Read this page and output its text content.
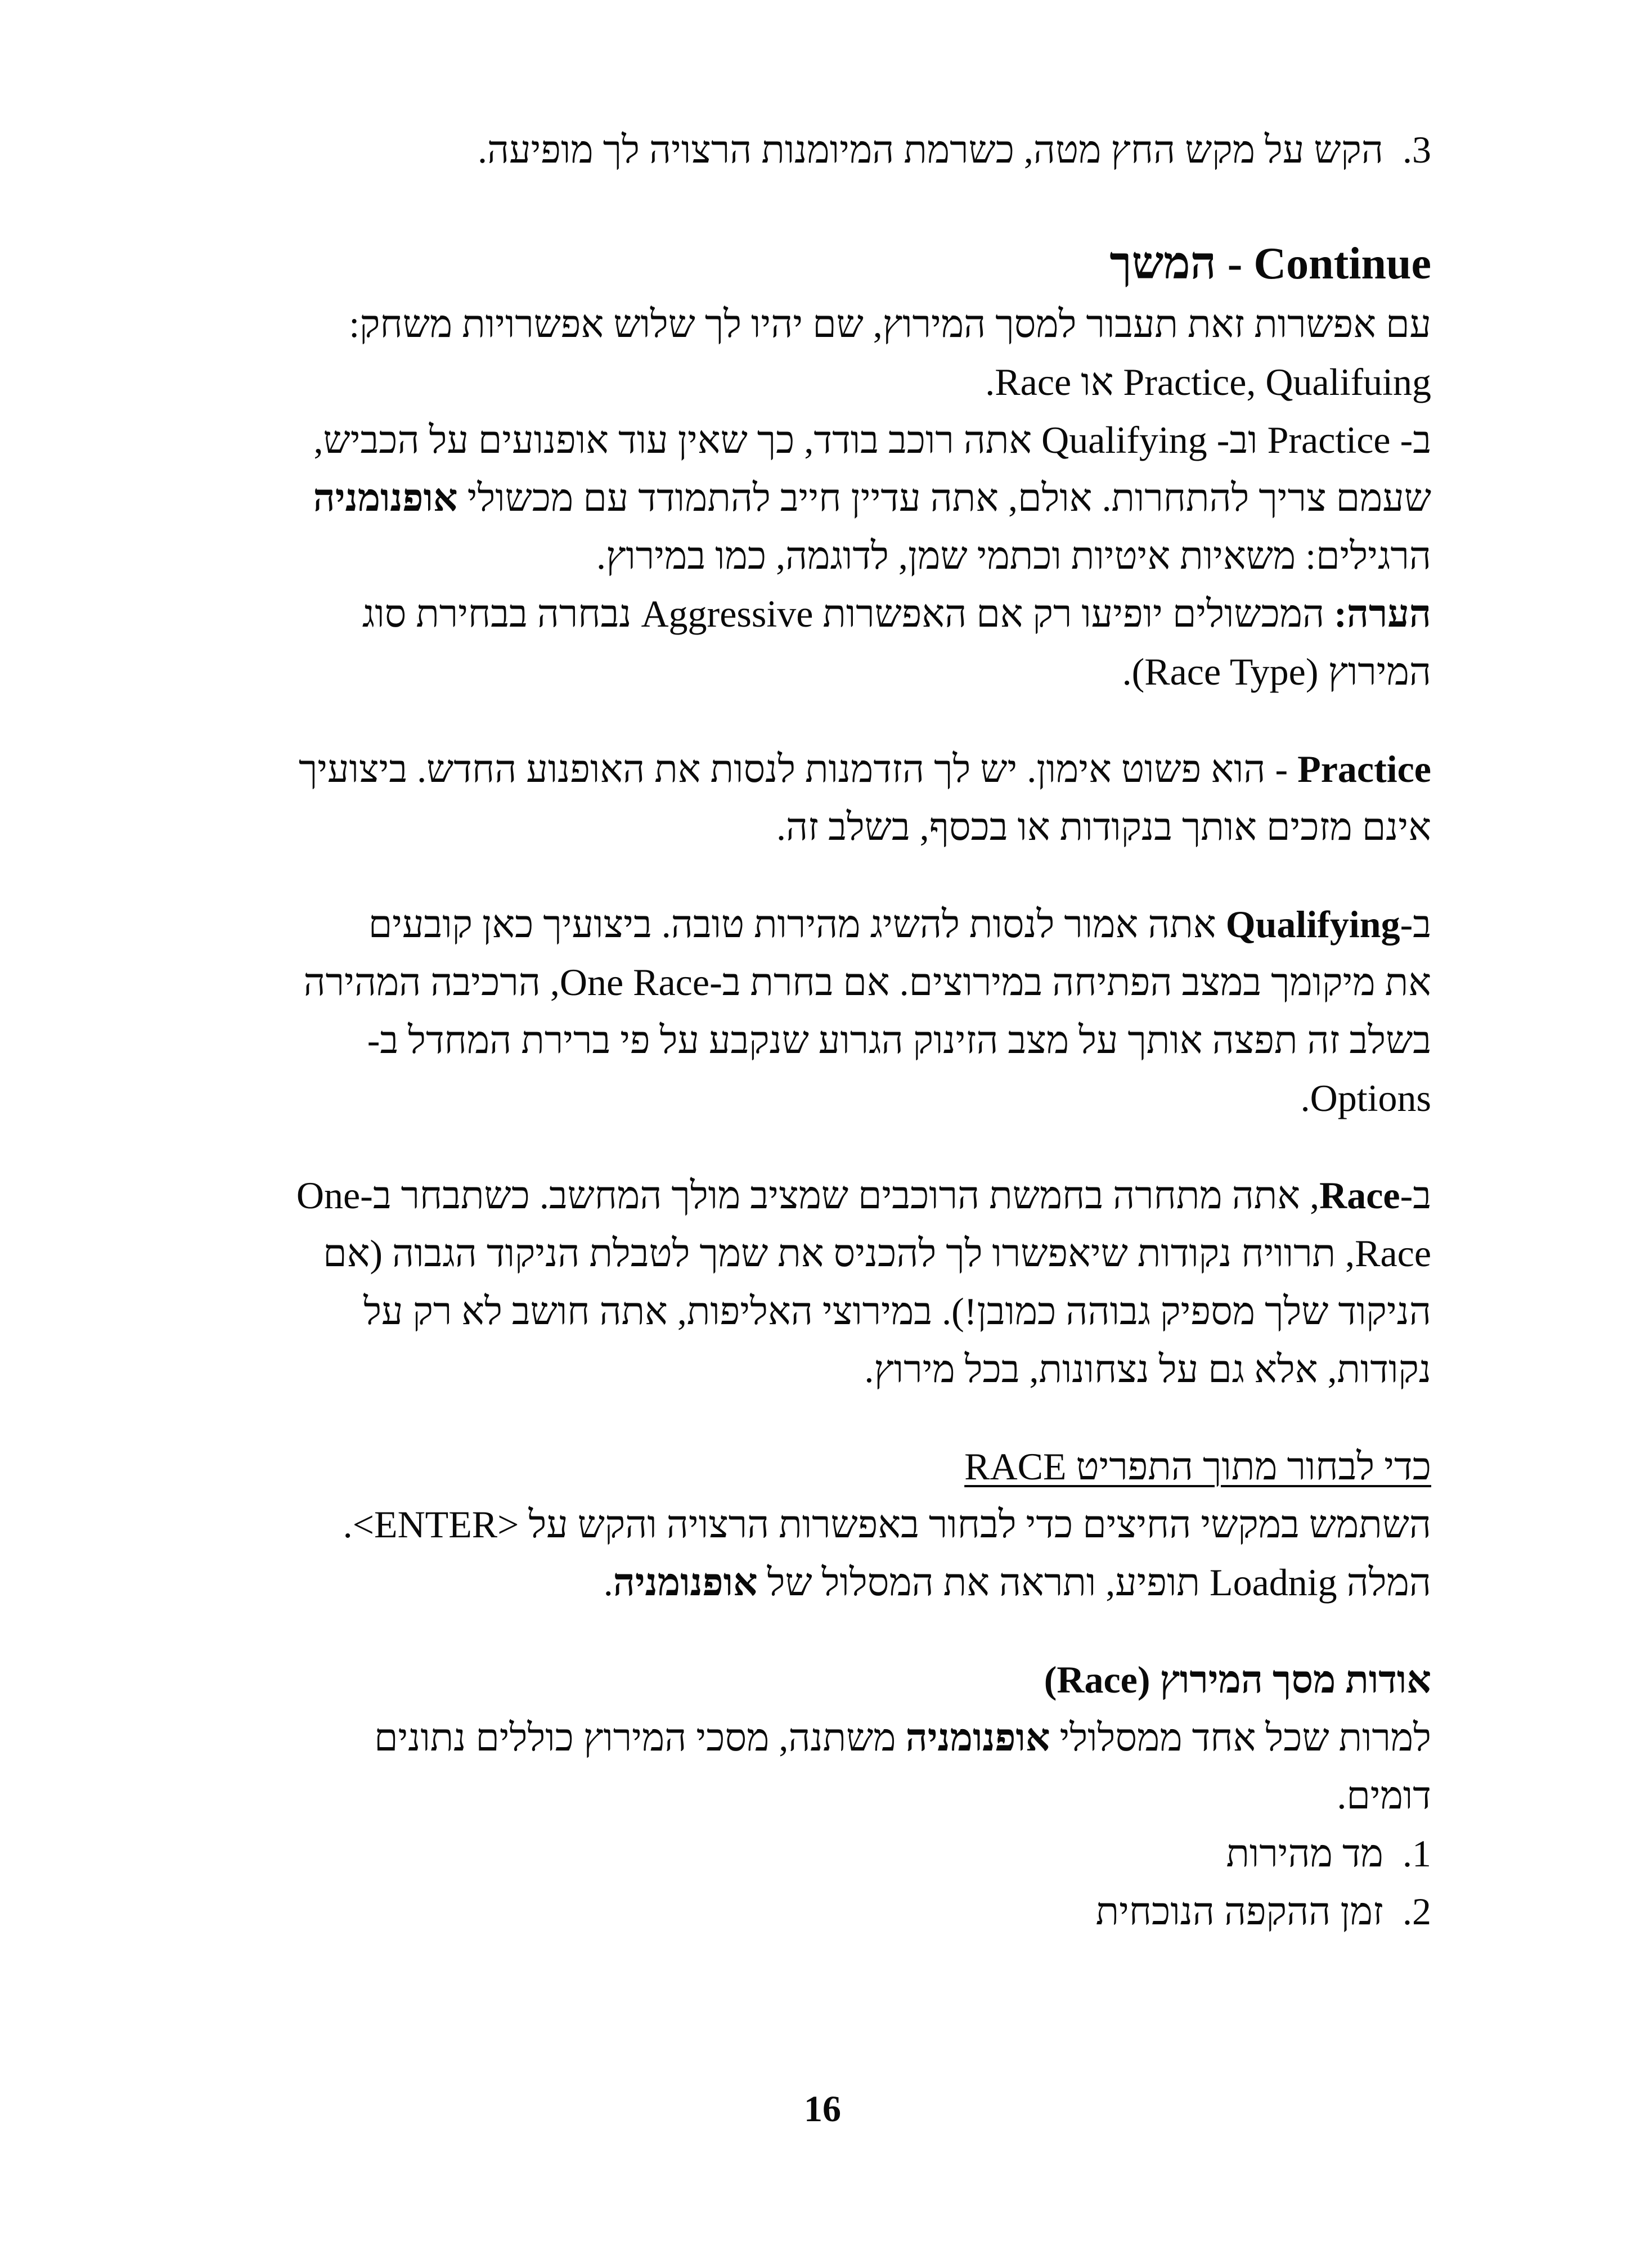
3.הקש על מקש החץ מטה, כשרמת המיומנות הרצויה לך מופיעה.
Continue - המשך
עם אפשרות זאת תעבור למסך המירוץ, שם יהיו לך שלוש אפשרויות משחק:
Practice, Qualifuing או Race.
ב- Practice וב- Qualifying אתה רוכב בודד, כך שאין עוד אופנועים על הכביש,
שעמם צריך להתחרות. אולם, אתה עדיין חייב להתמודד עם מכשולי אופנומניה
הרגילים: משאיות איטיות וכתמי שמן, לדוגמה, כמו במירוץ.
הערה: המכשולים יופיעו רק אם האפשרות Aggressive נבחרה בבחירת סוג
המירוץ (Race Type).
Practice - הוא פשוט אימון. יש לך הזדמנות לנסות את האופנוע החדש. ביצועיך
אינם מזכים אותך בנקודות או בכסף, בשלב זה.
ב-Qualifying אתה אמור לנסות להשיג מהירות טובה. ביצועיך כאן קובעים
את מיקומך במצב הפתיחה במירוצים. אם בחרת ב-One Race, הרכיבה המהירה
בשלב זה תפצה אותך על מצב הזינוק הגרוע שנקבע על פי ברירת המחדל ב-
Options.
ב-Race, אתה מתחרה בחמשת הרוכבים שמציב מולך המחשב. כשתבחר ב-One
Race, תרוויח נקודות שיאפשרו לך להכניס את שמך לטבלת הניקוד הגבוה (אם
הניקוד שלך מספיק גבוהה כמובן!). במירוצי האליפות, אתה חושב לא רק על
נקודות, אלא גם על נצחונות, בכל מירוץ.
כדי לבחור מתוך התפריט RACE
השתמש במקשי החיצים כדי לבחור באפשרות הרצויה והקש על <ENTER>.
המלה Loadnig תופיע, ותראה את המסלול של אופנומניה.
אודות מסך המירוץ (Race)
למרות שכל אחד ממסלולי אופנומניה משתנה, מסכי המירוץ כוללים נתונים
דומים.
1.מד מהירות
2.זמן ההקפה הנוכחית
16
